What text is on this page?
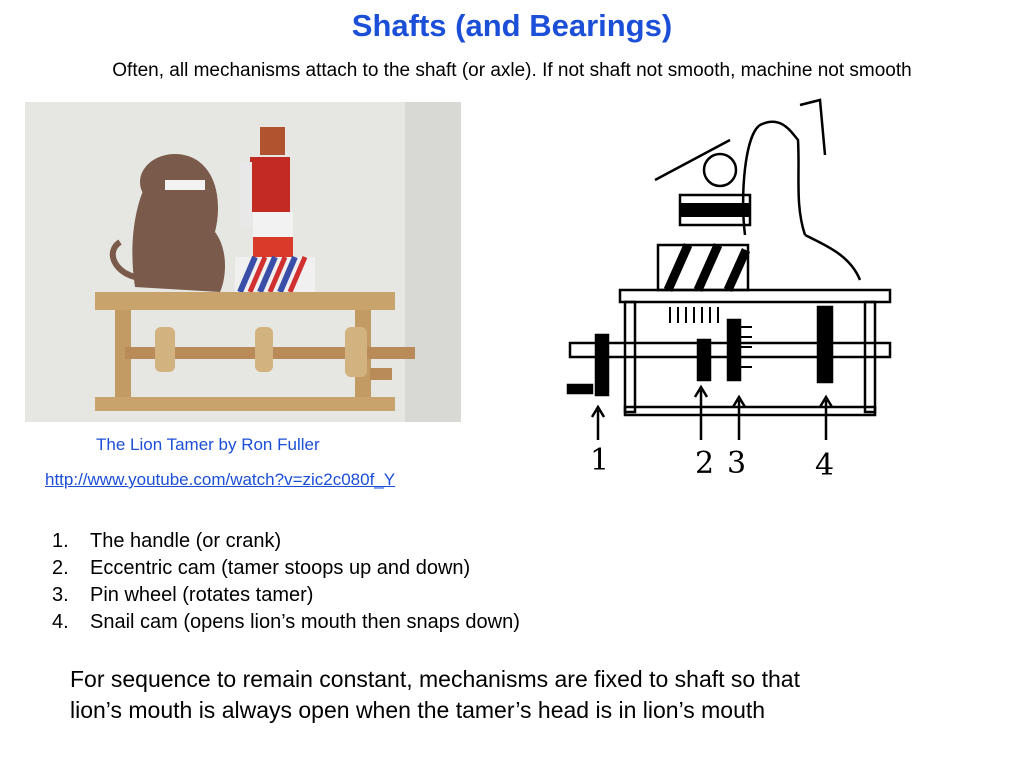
Shafts (and Bearings)
Often, all mechanisms attach to the shaft (or axle). If not shaft not smooth, machine not smooth
1	2 3 4
The Lion Tamer by Ron Fuller
http://www.youtube.com/watch?v=zic2c080f_Y
1.	The handle (or crank)
2.	Eccentric cam (tamer stoops up and down)
3.	Pin wheel (rotates tamer)
4.	Snail cam (opens lion’s mouth then snaps down)
For sequence to remain constant, mechanisms are fixed to shaft so that
lion’s mouth is always open when the tamer’s head is in lion’s mouth
